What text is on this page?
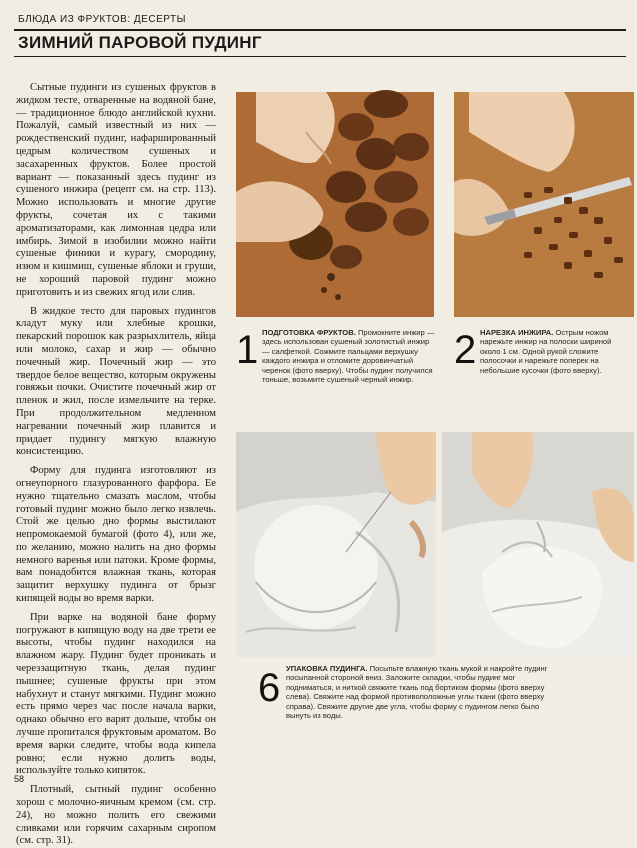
БЛЮДА ИЗ ФРУКТОВ: ДЕСЕРТЫ
ЗИМНИЙ ПАРОВОЙ ПУДИНГ

Сытные пудинги из сушеных фруктов в жидком тесте, отваренные на водяной бане, — традиционное блюдо английской кухни. Пожалуй, самый известный из них — рождественский пудинг, нафаршированный цедрым количеством сушеных и засахаренных фруктов. Более простой вариант — показанный здесь пудинг из сушеного инжира (рецепт см. на стр. 113). Можно использовать и многие другие фрукты, сочетая их с такими ароматизаторами, как лимонная цедра или имбирь. Зимой в изобилии можно найти сушеные финики и курагу, смородину, изюм и кишмиш, сушеные яблоки и груши, не хороший паровой пудинг можно приготовить и из свежих ягод или слив.

В жидкое тесто для паровых пудингов кладут муку или хлебные крошки, пекарский порошок как разрыхлитель, яйца или молоко, сахар и жир — обычно почечный жир. Почечный жир — это твердое белое вещество, которым окружены говяжьи почки. Очистите почечный жир от пленок и жил, после измельчите на терке. При продолжительном медленном нагревании почечный жир плавится и придает пудингу мягкую влажную консистенцию.

Форму для пудинга изготовляют из огнеупорного глазурованного фарфора. Ее нужно тщательно смазать маслом, чтобы готовый пудинг можно было легко извлечь. Стой же целью дно формы выстилают непромокаемой бумагой (фото 4), или же, по желанию, можно налить на дно формы немного варенья или патоки. Кроме формы, вам понадобится влажная ткань, которая защитит верхушку пудинга от брызг кипящей воды во время варки.

При варке на водяной бане форму погружают в кипящую воду на две трети ее высоты, чтобы пудинг находился на влажном жару. Пудинг будет проникать и череззащитную ткань, делая пудинг пышнее; сушеные фрукты при этом набухнут и станут мягкими. Пудинг можно есть прямо через час после начала варки, однако обычно его варят дольше, чтобы он лучше пропитался фруктовым ароматом. Во время варки следите, чтобы вода кипела ровно; если нужно долить воды, используйте только кипяток.

Плотный, сытный пудинг особенно хорош с молочно-яичным кремом (см. стр. 24), но можно полить его свежими сливками или горячим сахарным сиропом (см. стр. 31).

1 ПОДГОТОВКА ФРУКТОВ. Промокните инжир — здесь использован сушеный золотистый инжир — салфеткой. Сожмите пальцами верхушку каждого инжира и отломите доровинчатый черенок (фото вверху). Чтобы пудинг получился тоньше, возьмите сушеный черный инжир.
2 НАРЕЗКА ИНЖИРА. Острым ножом нарежьте инжир на полоски шириной около 1 см. Одной рукой сложите полосочки и нарежьте поперек на небольшие кусочки (фото вверху).
6 УПАКОВКА ПУДИНГА. Посыпьте влажную ткань мукой и накройте пудинг посыпанной стороной вниз. Заложите складки, чтобы пудинг мог подниматься, и ниткой свяжите ткань под бортиком формы (фото вверху слева). Свяжите над формой противоположные углы ткани (фото вверху справа). Свяжите другие две угла, чтобы форму с пудингом легко было вынуть из воды.
58
